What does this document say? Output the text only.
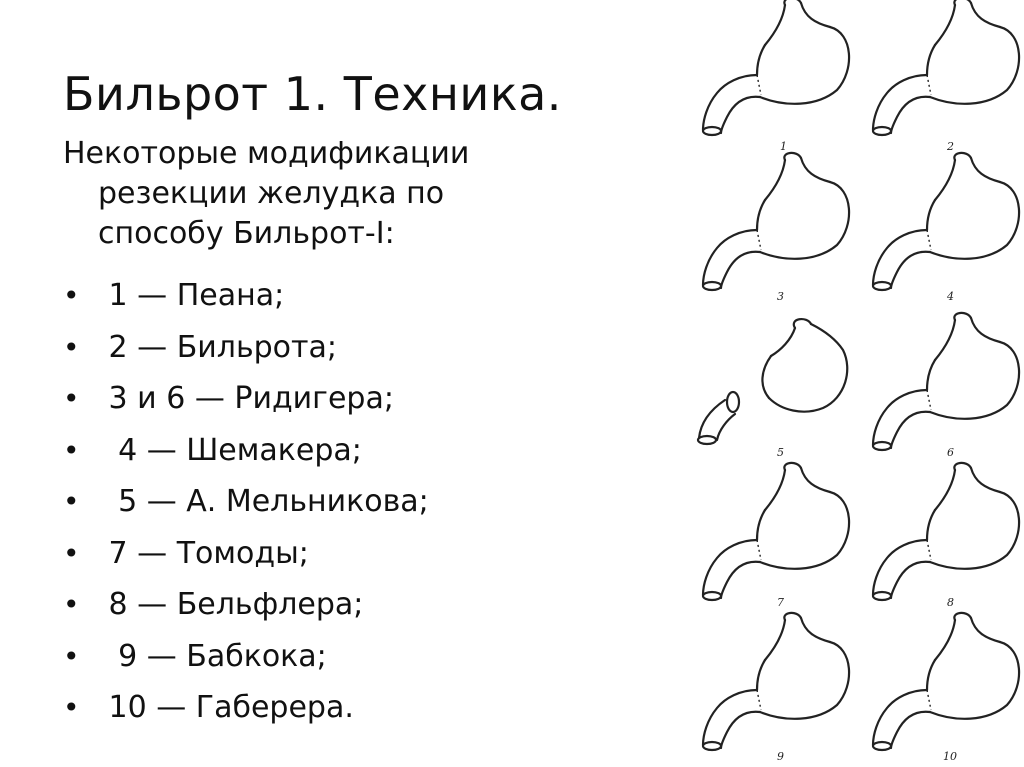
Бильрот 1. Техника.
Некоторые модификации
резекции желудка по
способу Бильрот-I:
• 1 — Пеана;
• 2 — Бильрота;
• 3 и 6 — Ридигера;
• 4 — Шемакера;
• 5 — А. Мельникова;
• 7 — Томоды;
• 8 — Бельфлера;
• 9 — Бабкока;
• 10 — Габерера.
1	2
3	4
5	6
7	8
9	10
